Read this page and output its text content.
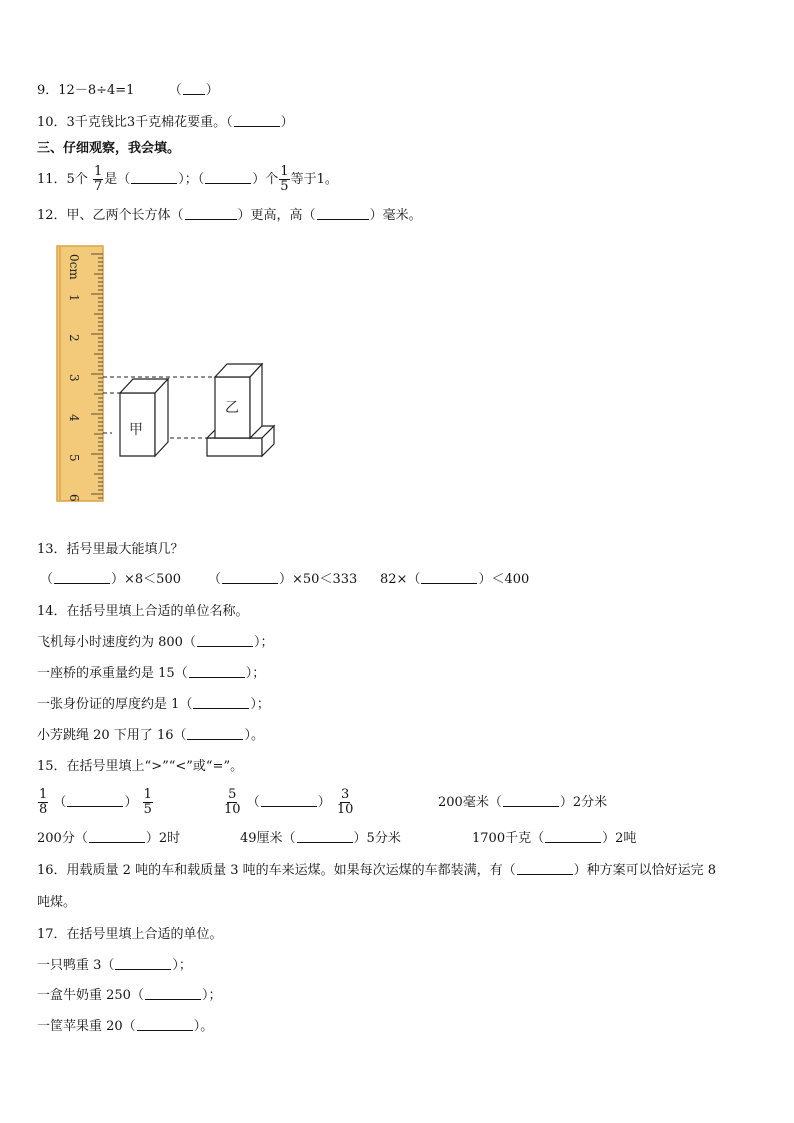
9．12－8÷4=1	（ ）
10．3千克钱比3千克棉花要重。（	）
三、仔细观察，我会填。
11．5个 $\frac{1}{7}$ 是（	）；（	）个 $\frac{1}{5}$ 等于1。
12．甲、乙两个长方体（	）更高，高（	）毫米。
0cm
1
2
3
4
5
6
甲
乙
13．括号里最大能填几？
（	）×8＜500 （	）×50＜333 82×（	）＜400
14．在括号里填上合适的单位名称。
飞机每小时速度约为 800（	）；
一座桥的承重量约是 15（	）；
一张身份证的厚度约是 1（	）；
小芳跳绳 20 下用了 16（	）。
15．在括号里填上“>”“<”或“=”。
$\frac{1}{8}$ （	） $\frac{1}{5}$	$\frac{5}{10}$ （	） $\frac{3}{10}$	200毫米（	）2分米
200分（	）2时	49厘米（	）5分米	1700千克（	）2吨
16．用载质量 2 吨的车和载质量 3 吨的车来运煤。如果每次运煤的车都装满，有（	）种方案可以恰好运完 8
吨煤。
17．在括号里填上合适的单位。
一只鸭重 3（	）；
一盒牛奶重 250（	）；
一筐苹果重 20（	）。
